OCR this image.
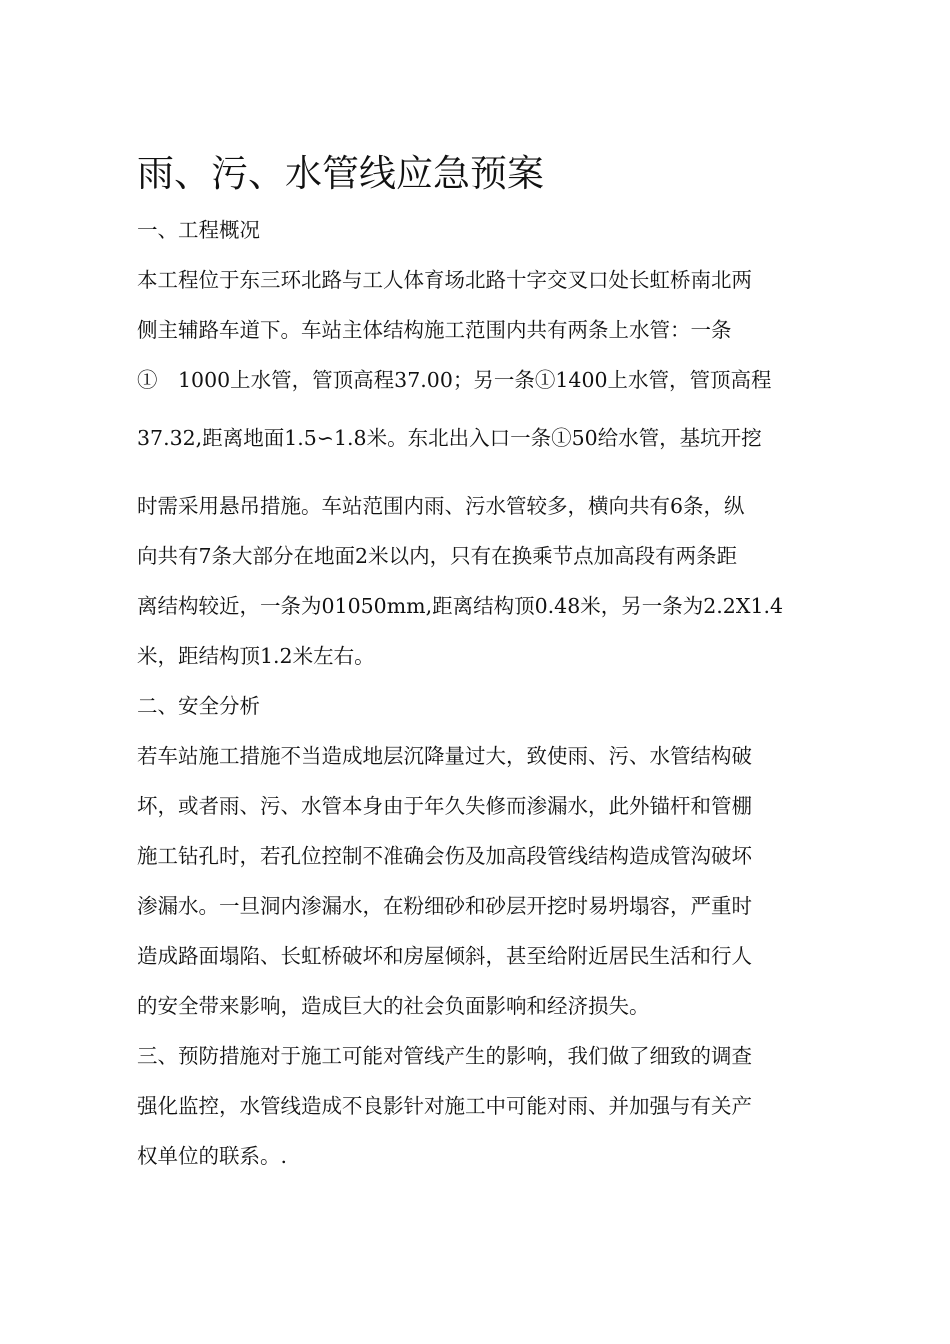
雨、污、水管线应急预案

一、工程概况

本工程位于东三环北路与工人体育场北路十字交叉口处长虹桥南北两

侧主辅路车道下。车站主体结构施工范围内共有两条上水管：一条

①　1000上水管，管顶高程37.00；另一条①1400上水管，管顶高程

37.32,距离地面1.5∽1.8米。东北出入口一条①50给水管，基坑开挖

时需采用悬吊措施。车站范围内雨、污水管较多，横向共有6条，纵

向共有7条大部分在地面2米以内，只有在换乘节点加高段有两条距

离结构较近，一条为01050mm,距离结构顶0.48米，另一条为2.2X1.4

米，距结构顶1.2米左右。

二、安全分析

若车站施工措施不当造成地层沉降量过大，致使雨、污、水管结构破

坏，或者雨、污、水管本身由于年久失修而渗漏水，此外锚杆和管棚

施工钻孔时，若孔位控制不准确会伤及加高段管线结构造成管沟破坏

渗漏水。一旦洞内渗漏水，在粉细砂和砂层开挖时易坍塌容，严重时

造成路面塌陷、长虹桥破坏和房屋倾斜，甚至给附近居民生活和行人

的安全带来影响，造成巨大的社会负面影响和经济损失。

三、预防措施对于施工可能对管线产生的影响，我们做了细致的调查

强化监控，水管线造成不良影针对施工中可能对雨、并加强与有关产

权单位的联系。.
